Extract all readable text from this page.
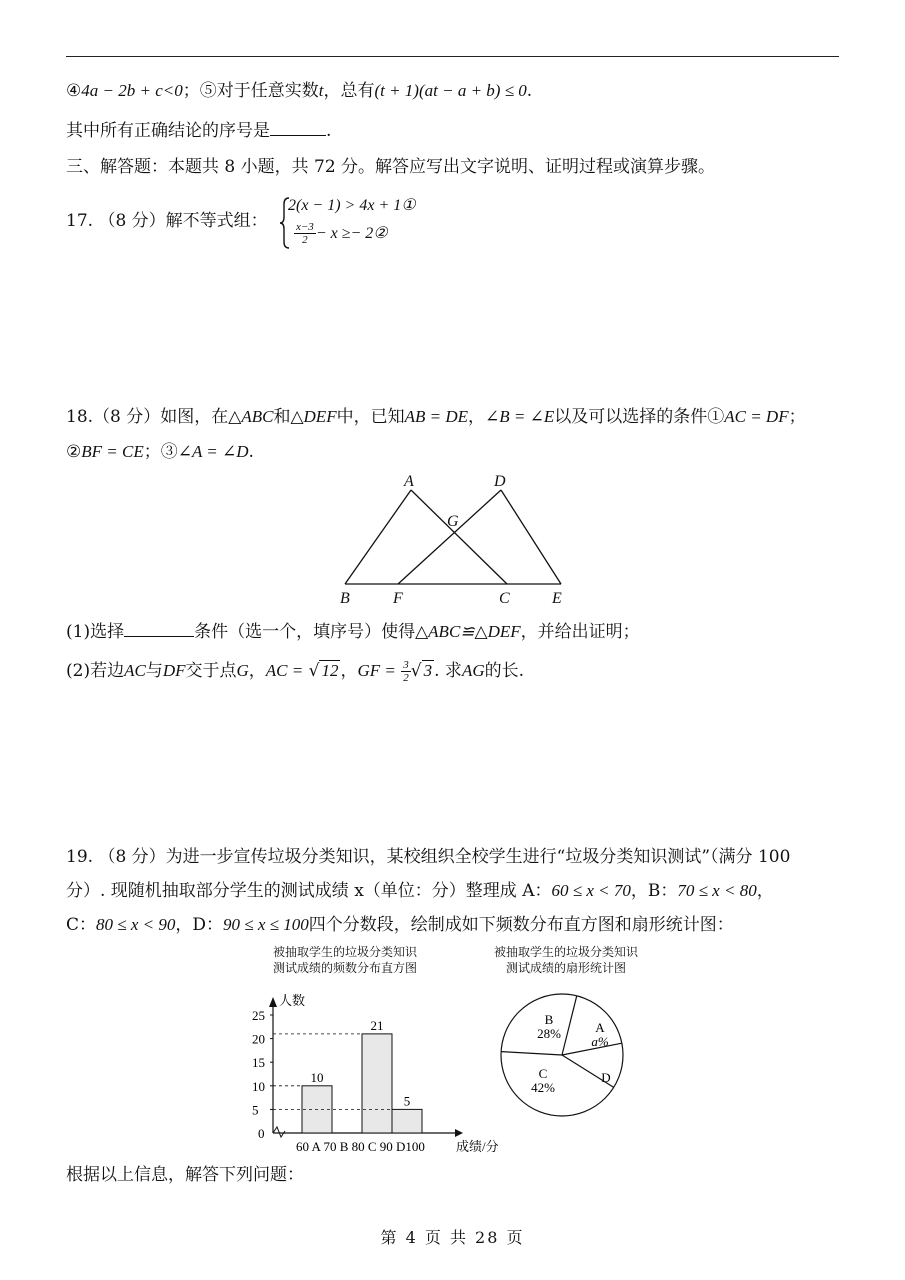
④4a − 2b + c<0；⑤对于任意实数t，总有(t + 1)(at − a + b) ≤ 0.
其中所有正确结论的序号是	.
三、解答题：本题共 8 小题，共 72 分。解答应写出文字说明、证明过程或演算步骤。
17. （8 分）解不等式组：
2(x − 1) > 4x + 1①
$\frac{x-3}{2} - x$ ≥− 2②
18.（8 分）如图，在△ABC和△DEF中，已知AB = DE，∠B = ∠E以及可以选择的条件①AC = DF；
②BF = CE；③∠A = ∠D.
A	D
G
B	F	C	E
(1)选择	条件（选一个，填序号）使得△ABC≌△DEF，并给出证明；
(2)若边AC与DF交于点G，AC = √ 12 ，GF = $\frac{3}{2}$ √ 3 . 求AG的长.
19. （8 分）为进一步宣传垃圾分类知识，某校组织全校学生进行“垃圾分类知识测试”（满分 100
分）. 现随机抽取部分学生的测试成绩 x（单位：分）整理成 A：60 ≤ x < 70，B：70 ≤ x < 80，
C：80 ≤ x < 90，D：90 ≤ x ≤ 100四个分数段，绘制成如下频数分布直方图和扇形统计图：
被抽取学生的垃圾分类知识
测试成绩的频数分布直方图
被抽取学生的垃圾分类知识
测试成绩的扇形统计图
人数
成绩/分
0
5
10
15
20
25
10
21
5
60 A 70 B 80 C 90 D100
A
a%
B
28%
C
42%
D
根据以上信息，解答下列问题：
第 4 页 共 28 页
